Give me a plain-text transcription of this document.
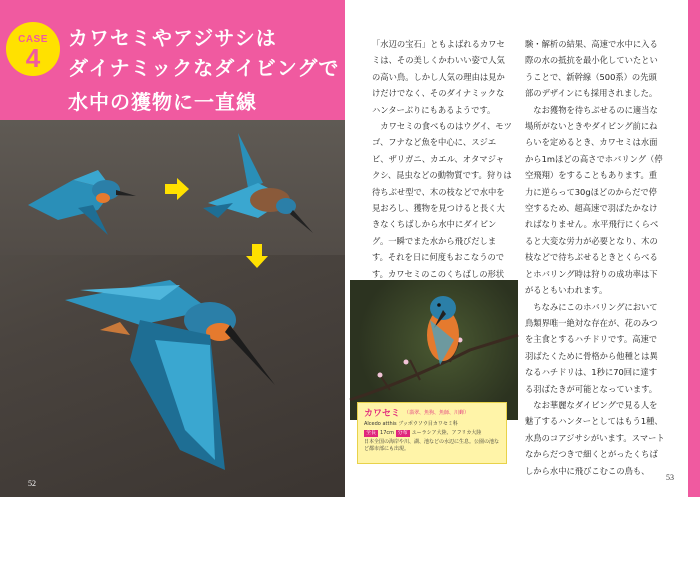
CASE
4
カワセミやアジサシは
ダイナミックなダイビングで
水中の獲物に一直線
長く大きなくちばし、短いくび、小さな足――カワセミの特徴であるこの体型は、じつは飛びこむ中で速く進むための特殊な形。
52
「水辺の宝石」ともよばれるカワセミは、その美しくかわいい姿で人気の高い鳥。しかし人気の理由は見かけだけでなく、そのダイナミックなハンターぶりにもあるようです。
　カワセミの食べものはウグイ、モツゴ、フナなど魚を中心に、スジエビ、ザリガニ、カエル、オタマジャクシ、昆虫などの動物質です。狩りは待ちぶせ型で、木の枝などで水中を見おろし、獲物を見つけると長く大きなくちばしから水中にダイビング。一瞬でまた水から飛びだします。それを日に何度もおこなうのです。カワセミのこのくちばしの形状
験・解析の結果、高速で水中に入る際の水の抵抗を最小化していたということで、新幹線（500系）の先頭部のデザインにも採用されました。
　なお獲物を待ちぶせるのに適当な場所がないときやダイビング前にねらいを定めるとき、カワセミは水面から1mほどの高さでホバリング（停空飛翔）をすることもあります。重力に逆らって30gほどのからだで停空するため、超高速で羽ばたかなければなりません。水平飛行にくらべると大変な労力が必要となり、木の枝などで待ちぶせるときとくらべるとホバリング時は狩りの成功率は下がるともいわれます。
　ちなみにこのホバリングにおいて鳥類界唯一絶対な存在が、花のみつを主食とするハチドリです。高速で羽ばたくために骨格から他種とは異なるハチドリは、1秒に70回に達する羽ばたきが可能となっています。
　なお華麗なダイビングで見る人を魅了するハンターとしてはもう1種、水鳥のコアジサシがいます。スマートなからだつきで細くとがったくちばしから水中に飛びこむこの鳥も、
カワセミ （翡翠、魚狗、魚師、川蝉）
Alcedo atthis ブッポウソウ目カワセミ科
全長 17cm 分布 ユーラシア大陸、アフリカ大陸
日本全国の海岸や川、湖、池などの水辺に生息。公園の池など都市部にも出現。
53
